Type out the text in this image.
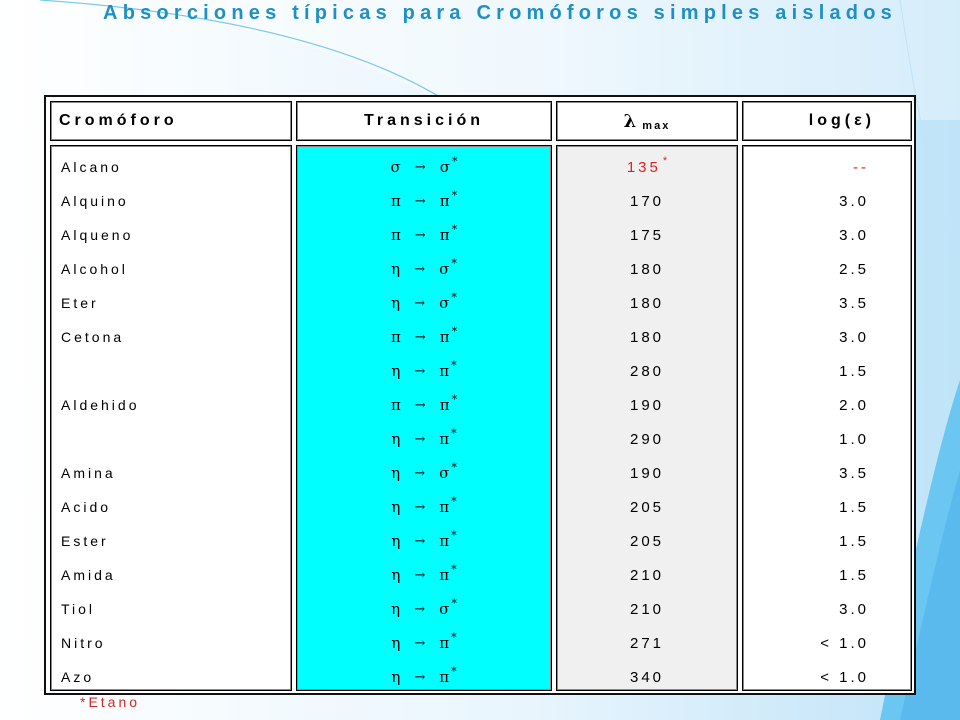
Absorciones típicas para Cromóforos simples aislados
Cromóforo
Alcano
Alquino
Alqueno
Alcohol
Eter
Cetona
Aldehido
Amina
Acido
Ester
Amida
Tiol
Nitro
Azo
Transición
σ → σ *
π → π *
π → π *
η → σ *
η → σ *
π → π *
η → π *
π → π *
η → π *
η → σ *
η → π *
η → π *
η → π *
η → σ *
η → π *
η → π *
λ max
135 *
170
175
180
180
180
280
190
290
190
205
205
210
210
271
340
log(ε)
--
3.0
3.0
2.5
3.5
3.0
1.5
2.0
1.0
3.5
1.5
1.5
1.5
3.0
< 1.0
< 1.0
*Etano
